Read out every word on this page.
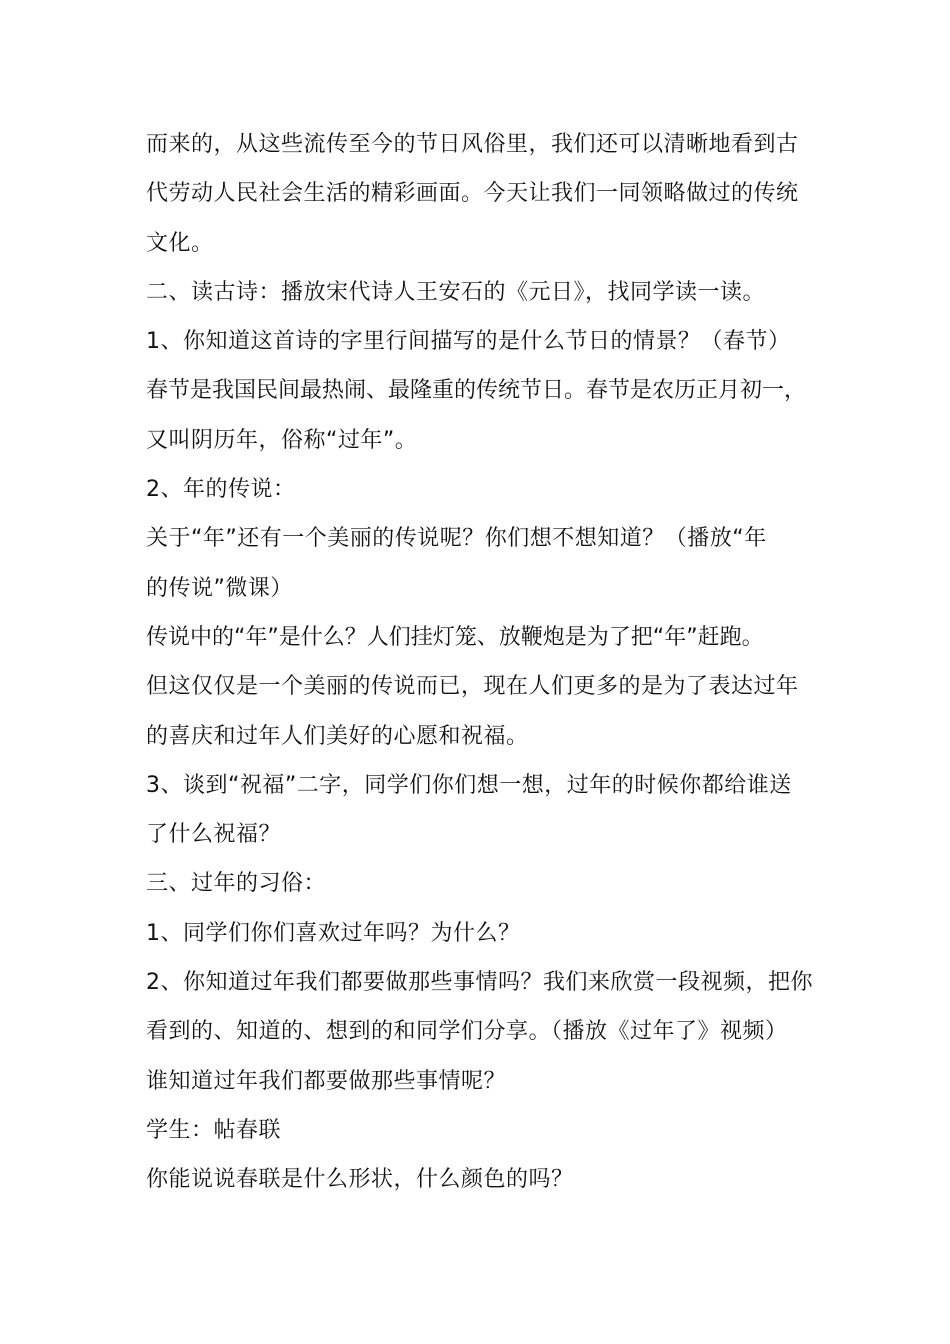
而来的，从这些流传至今的节日风俗里，我们还可以清晰地看到古

代劳动人民社会生活的精彩画面。今天让我们一同领略做过的传统

文化。

二、读古诗：播放宋代诗人王安石的《元日》，找同学读一读。

1、你知道这首诗的字里行间描写的是什么节日的情景？（春节）

春节是我国民间最热闹、最隆重的传统节日。春节是农历正月初一，

又叫阴历年，俗称“过年”。

2、年的传说：

关于“年”还有一个美丽的传说呢？你们想不想知道？（播放“年

的传说”微课）

传说中的“年”是什么？人们挂灯笼、放鞭炮是为了把“年”赶跑。

但这仅仅是一个美丽的传说而已，现在人们更多的是为了表达过年

的喜庆和过年人们美好的心愿和祝福。

3、谈到“祝福”二字，同学们你们想一想，过年的时候你都给谁送

了什么祝福？

三、过年的习俗：

1、同学们你们喜欢过年吗？为什么？

2、你知道过年我们都要做那些事情吗？我们来欣赏一段视频，把你

看到的、知道的、想到的和同学们分享。（播放《过年了》视频）

谁知道过年我们都要做那些事情呢？

学生：帖春联

你能说说春联是什么形状，什么颜色的吗？
